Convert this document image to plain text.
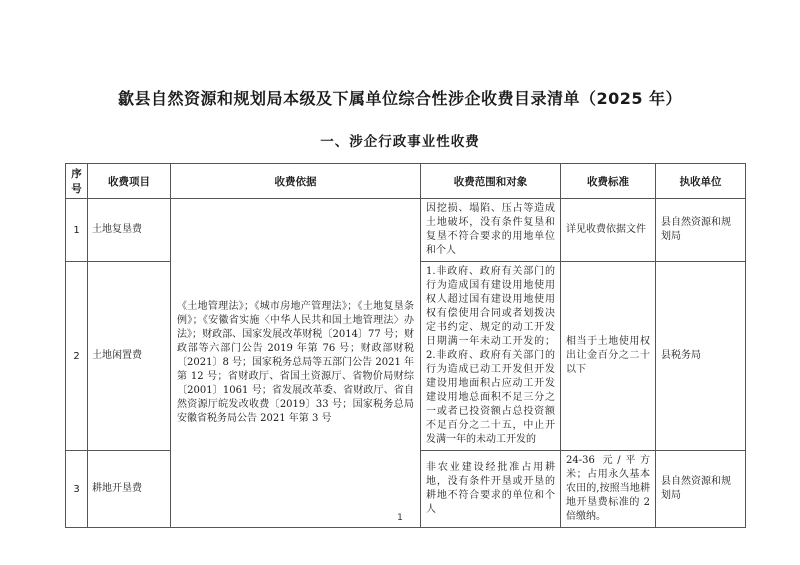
歙县自然资源和规划局本级及下属单位综合性涉企收费目录清单（2025 年）
一、涉企行政事业性收费
序号	收费项目	收费依据	收费范围和对象	收费标准	执收单位
1	土地复垦费	《土地管理法》；《城市房地产管理法》；《土地复垦条例》；《安徽省实施〈中华人民共和国土地管理法〉办法》；财政部、国家发展改革财税〔2014〕77 号；财政部等六部门公告 2019 年第 76 号；财政部财税〔2021〕8 号；国家税务总局等五部门公告 2021 年第 12 号；省财政厅、省国土资源厅、省物价局财综〔2001〕1061 号；省发展改革委、省财政厅、省自然资源厅皖发改收费〔2019〕33 号；国家税务总局安徽省税务局公告 2021 年第 3 号	因挖损、塌陷、压占等造成土地破坏，没有条件复垦和复垦不符合要求的用地单位和个人	详见收费依据文件	县自然资源和规划局
2	土地闲置费		1.非政府、政府有关部门的行为造成国有建设用地使用权人超过国有建设用地使用权有偿使用合同或者划拨决定书约定、规定的动工开发日期满一年未动工开发的；2.非政府、政府有关部门的行为造成已动工开发但开发建设用地面积占应动工开发建设用地总面积不足三分之一或者已投资额占总投资额不足百分之二十五，中止开发满一年的未动工开发的	相当于土地使用权出让金百分之二十以下	县税务局
3	耕地开垦费		非农业建设经批准占用耕地，没有条件开垦或开垦的耕地不符合要求的单位和个人	24-36 元/平方米；占用永久基本农田的,按照当地耕地开垦费标准的 2 倍缴纳。	县自然资源和规划局
1
